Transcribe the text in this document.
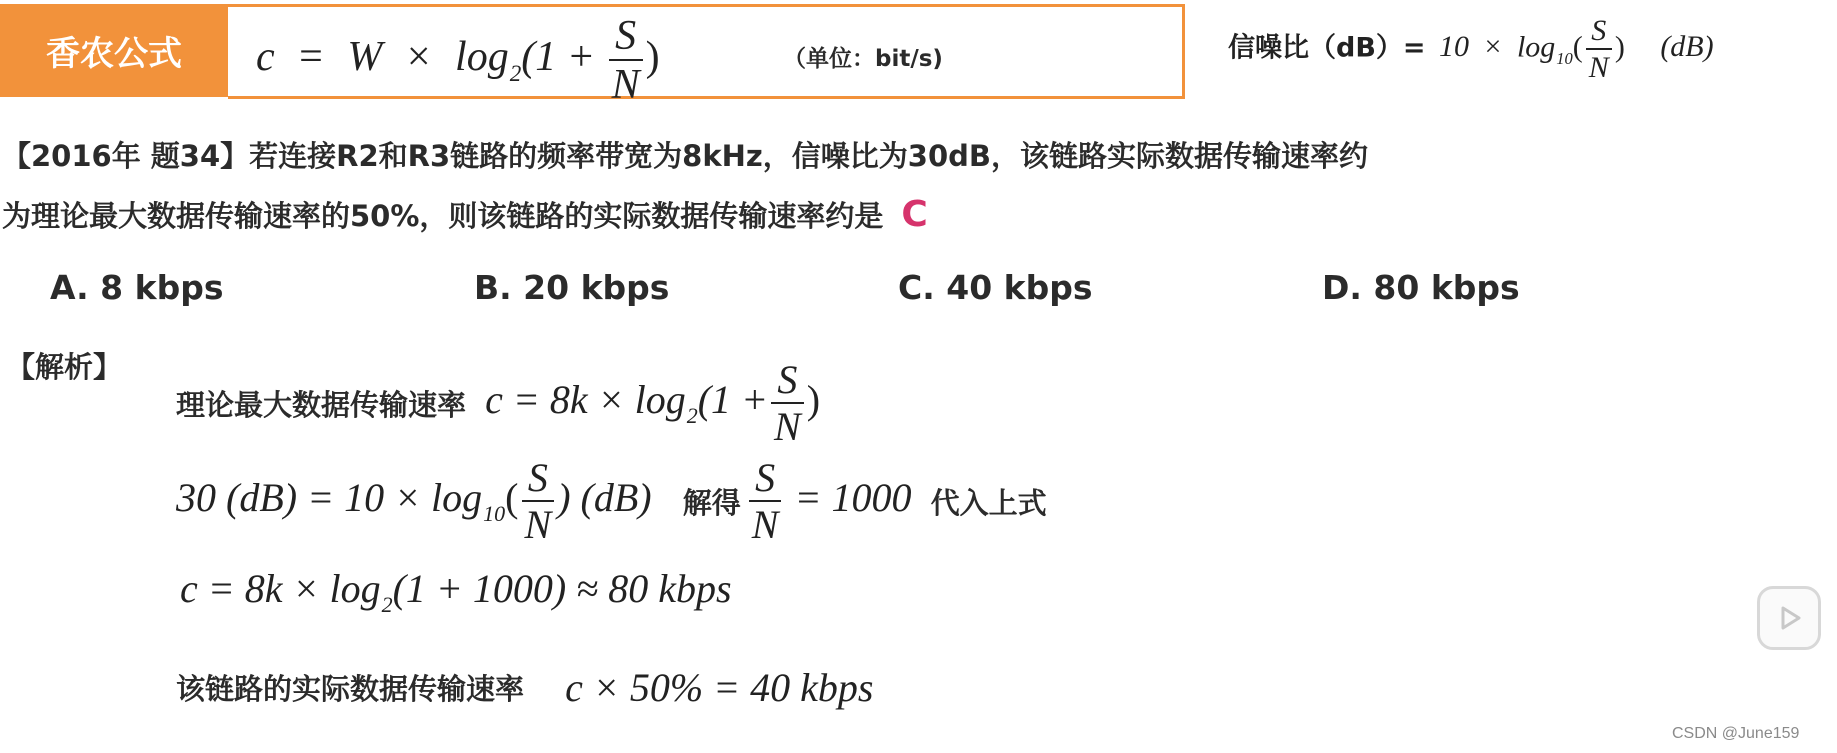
香农公式	$c = W \times \log_2(1 + \frac{S}{N}$ )	（单位：bit/s)	信噪比$(dB)= 10 \times \log_{10}( \frac{S}{N}$ ) (dB)
【2016年 题34】若连接R2和R3链路的频率带宽为8kHz，信噪比为30dB，该链路实际数据传输速率约
为理论最大数据传输速率的50%，则该链路的实际数据传输速率约是 C
A. 8 kbps	B. 20 kbps	C. 40 kbps	D. 80 kbps
【解析】
理论最大数据传输速率 $c = 8k \times \log_2(1 + \frac{S}{N}$ )
30 $(dB) = 10 \times \log_{10}( \frac{S}{N}$ ) (dB) 解得 $\frac{S}{N} = 1000$ 代入上式
$c = 8k \times \log_2(1 + 1000) \approx 80$ kbps
该链路的实际数据传输速率 c × 50% = 40 kbps
CSDN @June159
